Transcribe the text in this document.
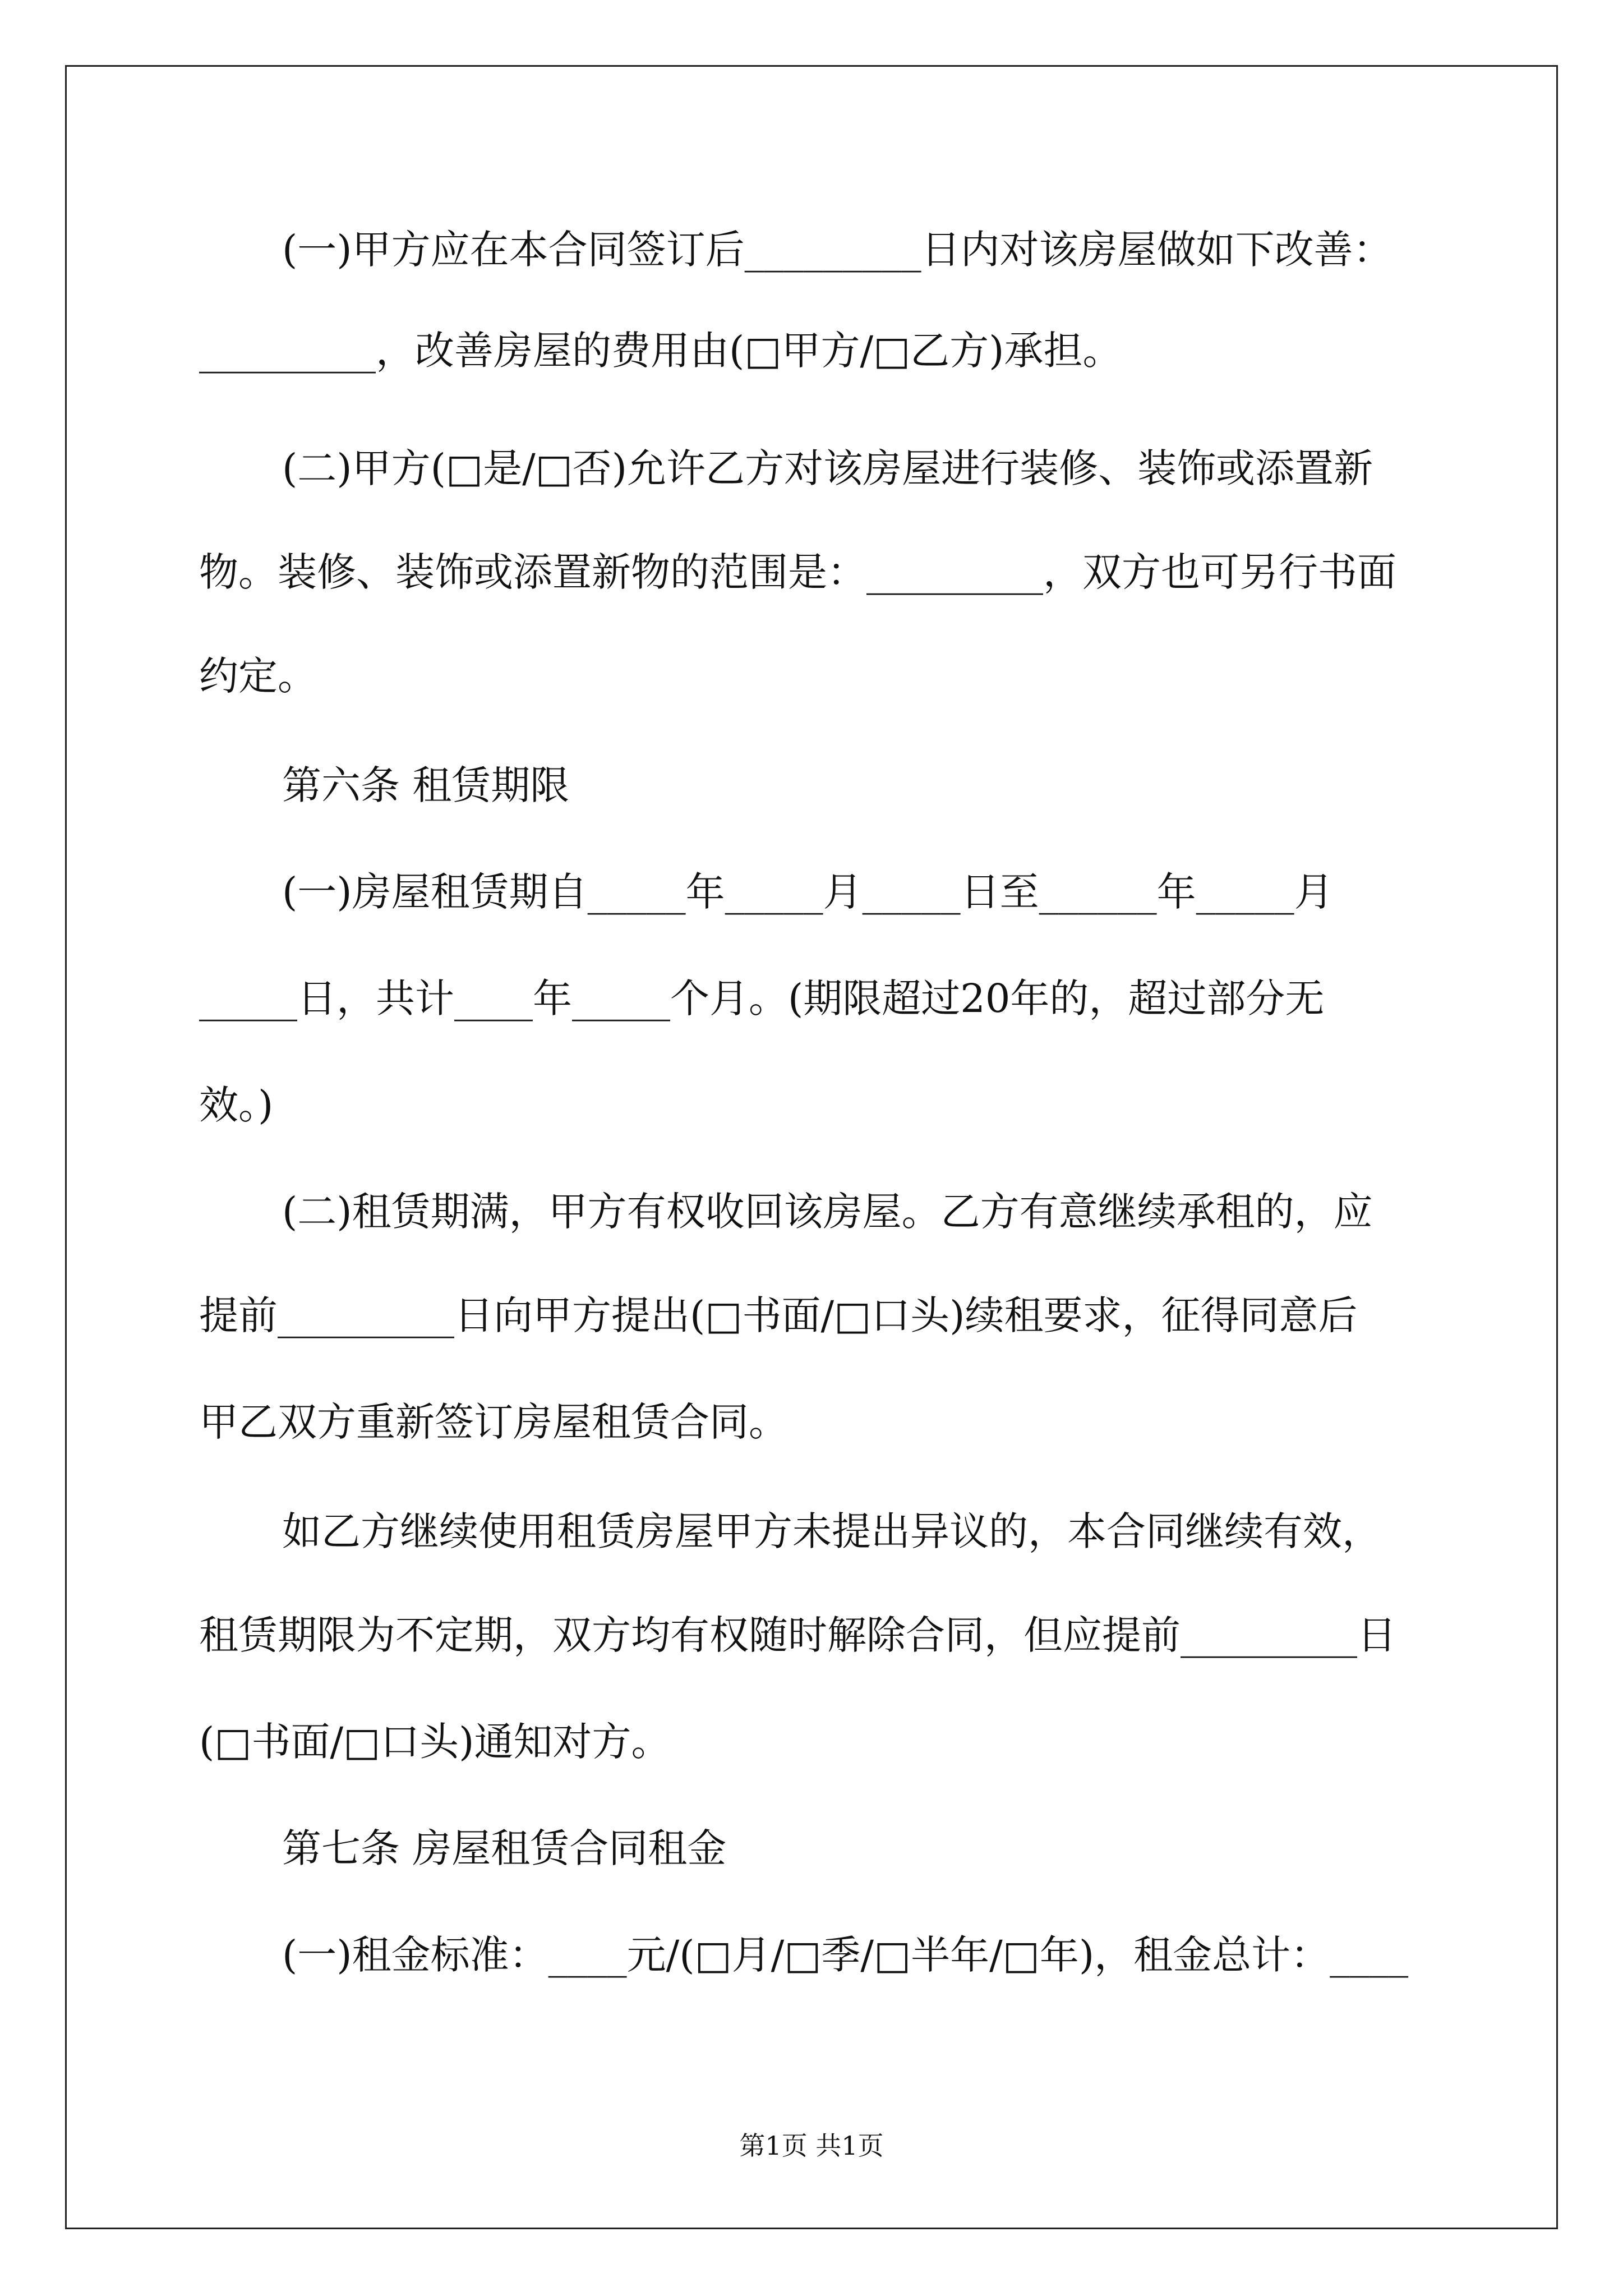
(一)甲方应在本合同签订后_________日内对该房屋做如下改善：
_________，改善房屋的费用由(□甲方/□乙方)承担。
(二)甲方(□是/□否)允许乙方对该房屋进行装修、装饰或添置新
物。装修、装饰或添置新物的范围是：_________，双方也可另行书面
约定。
第六条 租赁期限
(一)房屋租赁期自_____年_____月_____日至______年_____月
_____日，共计____年_____个月。(期限超过20年的，超过部分无
效。)
(二)租赁期满，甲方有权收回该房屋。乙方有意继续承租的，应
提前_________日向甲方提出(□书面/□口头)续租要求，征得同意后
甲乙双方重新签订房屋租赁合同。
如乙方继续使用租赁房屋甲方未提出异议的，本合同继续有效，
租赁期限为不定期，双方均有权随时解除合同，但应提前_________日
(□书面/□口头)通知对方。
第七条 房屋租赁合同租金
(一)租金标准：____元/(□月/□季/□半年/□年)，租金总计：____
第1页 共1页
